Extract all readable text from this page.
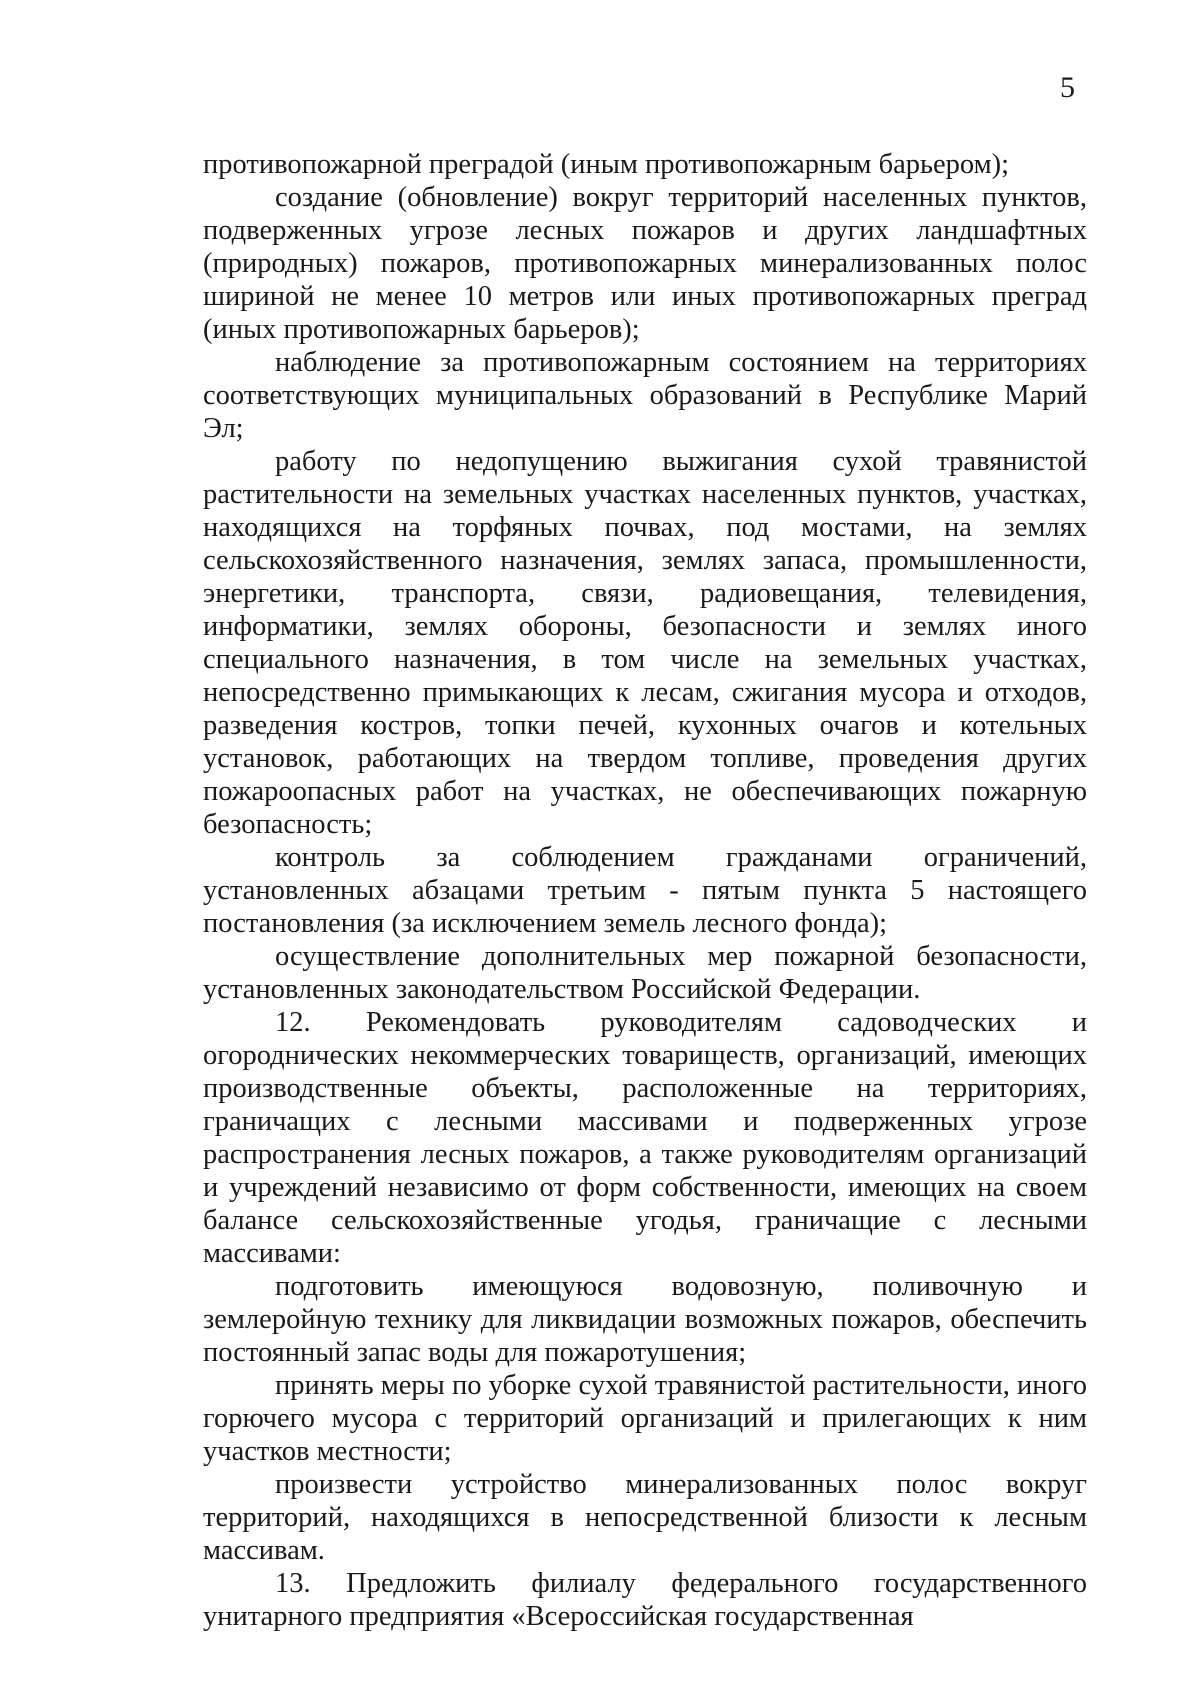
5

противопожарной преградой (иным противопожарным барьером);

создание (обновление) вокруг территорий населенных пунктов, подверженных угрозе лесных пожаров и других ландшафтных (природных) пожаров, противопожарных минерализованных полос шириной не менее 10 метров или иных противопожарных преград (иных противопожарных барьеров);

наблюдение за противопожарным состоянием на территориях соответствующих муниципальных образований в Республике Марий Эл;

работу по недопущению выжигания сухой травянистой растительности на земельных участках населенных пунктов, участках, находящихся на торфяных почвах, под мостами, на землях сельскохозяйственного назначения, землях запаса, промышленности, энергетики, транспорта, связи, радиовещания, телевидения, информатики, землях обороны, безопасности и землях иного специального назначения, в том числе на земельных участках, непосредственно примыкающих к лесам, сжигания мусора и отходов, разведения костров, топки печей, кухонных очагов и котельных установок, работающих на твердом топливе, проведения других пожароопасных работ на участках, не обеспечивающих пожарную безопасность;

контроль за соблюдением гражданами ограничений, установленных абзацами третьим - пятым пункта 5 настоящего постановления (за исключением земель лесного фонда);

осуществление дополнительных мер пожарной безопасности, установленных законодательством Российской Федерации.

12. Рекомендовать руководителям садоводческих и огороднических некоммерческих товариществ, организаций, имеющих производственные объекты, расположенные на территориях, граничащих с лесными массивами и подверженных угрозе распространения лесных пожаров, а также руководителям организаций и учреждений независимо от форм собственности, имеющих на своем балансе сельскохозяйственные угодья, граничащие с лесными массивами:

подготовить имеющуюся водовозную, поливочную и землеройную технику для ликвидации возможных пожаров, обеспечить постоянный запас воды для пожаротушения;

принять меры по уборке сухой травянистой растительности, иного горючего мусора с территорий организаций и прилегающих к ним участков местности;

произвести устройство минерализованных полос вокруг территорий, находящихся в непосредственной близости к лесным массивам.

13. Предложить филиалу федерального государственного унитарного предприятия «Всероссийская государственная
